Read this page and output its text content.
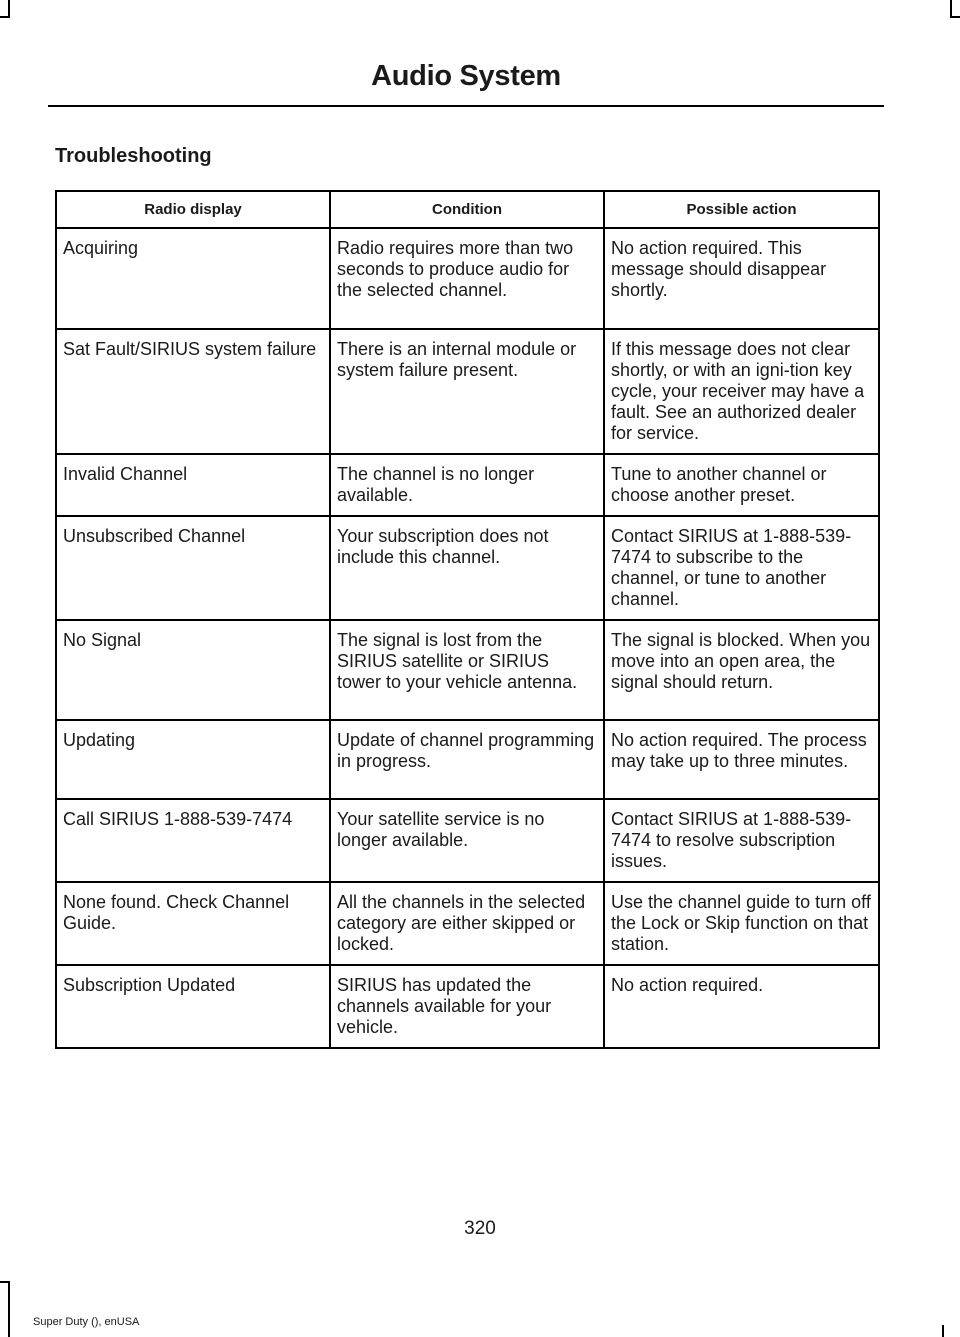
Audio System
Troubleshooting
Radio display	Condition	Possible action
Acquiring	Radio requires more than two seconds to produce audio for the selected channel.	No action required. This message should disappear shortly.
Sat Fault/SIRIUS system failure	There is an internal module or system failure present.	If this message does not clear shortly, or with an igni-tion key cycle, your receiver may have a fault. See an authorized dealer for service.
Invalid Channel	The channel is no longer available.	Tune to another channel or choose another preset.
Unsubscribed Channel	Your subscription does not include this channel.	Contact SIRIUS at 1-888-539-7474 to subscribe to the channel, or tune to another channel.
No Signal	The signal is lost from the SIRIUS satellite or SIRIUS tower to your vehicle antenna.	The signal is blocked. When you move into an open area, the signal should return.
Updating	Update of channel programming in progress.	No action required. The process may take up to three minutes.
Call SIRIUS 1-888-539-7474	Your satellite service is no longer available.	Contact SIRIUS at 1-888-539-7474 to resolve subscription issues.
None found. Check Channel Guide.	All the channels in the selected category are either skipped or locked.	Use the channel guide to turn off the Lock or Skip function on that station.
Subscription Updated	SIRIUS has updated the channels available for your vehicle.	No action required.
320
Super Duty (), enUSA
